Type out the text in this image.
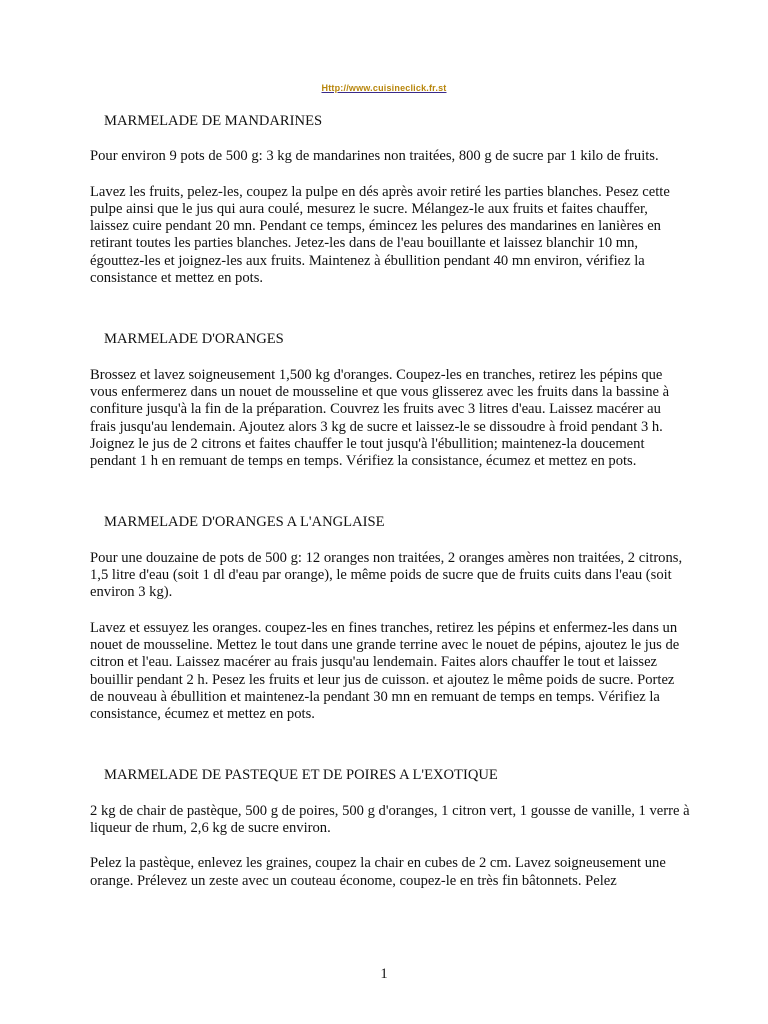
Http://www.cuisineclick.fr.st
MARMELADE DE MANDARINES

Pour environ 9 pots de 500 g: 3 kg de mandarines non traitées, 800 g de sucre par 1 kilo de fruits.

Lavez les fruits, pelez-les, coupez la pulpe en dés après avoir retiré les parties blanches. Pesez cette pulpe ainsi que le jus qui aura coulé, mesurez le sucre. Mélangez-le aux fruits et faites chauffer, laissez cuire pendant 20 mn. Pendant ce temps, émincez les pelures des mandarines en lanières en retirant toutes les parties blanches. Jetez-les dans de l'eau bouillante et laissez blanchir 10 mn, égouttez-les et joignez-les aux fruits. Maintenez à ébullition pendant 40 mn environ, vérifiez la consistance et mettez en pots.

MARMELADE D'ORANGES

Brossez et lavez soigneusement 1,500 kg d'oranges. Coupez-les en tranches, retirez les pépins que vous enfermerez dans un nouet de mousseline et que vous glisserez avec les fruits dans la bassine à confiture jusqu'à la fin de la préparation. Couvrez les fruits avec 3 litres d'eau. Laissez macérer au frais jusqu'au lendemain. Ajoutez alors 3 kg de sucre et laissez-le se dissoudre à froid pendant 3 h. Joignez le jus de 2 citrons et faites chauffer le tout jusqu'à l'ébullition; maintenez-la doucement pendant 1 h en remuant de temps en temps. Vérifiez la consistance, écumez et mettez en pots.

MARMELADE D'ORANGES A L'ANGLAISE

Pour une douzaine de pots de 500 g: 12 oranges non traitées, 2 oranges amères non traitées, 2 citrons, 1,5 litre d'eau (soit 1 dl d'eau par orange), le même poids de sucre que de fruits cuits dans l'eau (soit environ 3 kg).

Lavez et essuyez les oranges. coupez-les en fines tranches, retirez les pépins et enfermez-les dans un nouet de mousseline. Mettez le tout dans une grande terrine avec le nouet de pépins, ajoutez le jus de citron et l'eau. Laissez macérer au frais jusqu'au lendemain. Faites alors chauffer le tout et laissez bouillir pendant 2 h. Pesez les fruits et leur jus de cuisson. et ajoutez le même poids de sucre. Portez de nouveau à ébullition et maintenez-la pendant 30 mn en remuant de temps en temps. Vérifiez la consistance, écumez et mettez en pots.

MARMELADE DE PASTEQUE ET DE POIRES A L'EXOTIQUE

2 kg de chair de pastèque, 500 g de poires, 500 g d'oranges, 1 citron vert, 1 gousse de vanille, 1 verre à liqueur de rhum, 2,6 kg de sucre environ.

Pelez la pastèque, enlevez les graines, coupez la chair en cubes de 2 cm. Lavez soigneusement une orange. Prélevez un zeste avec un couteau économe, coupez-le en très fin bâtonnets. Pelez

1
